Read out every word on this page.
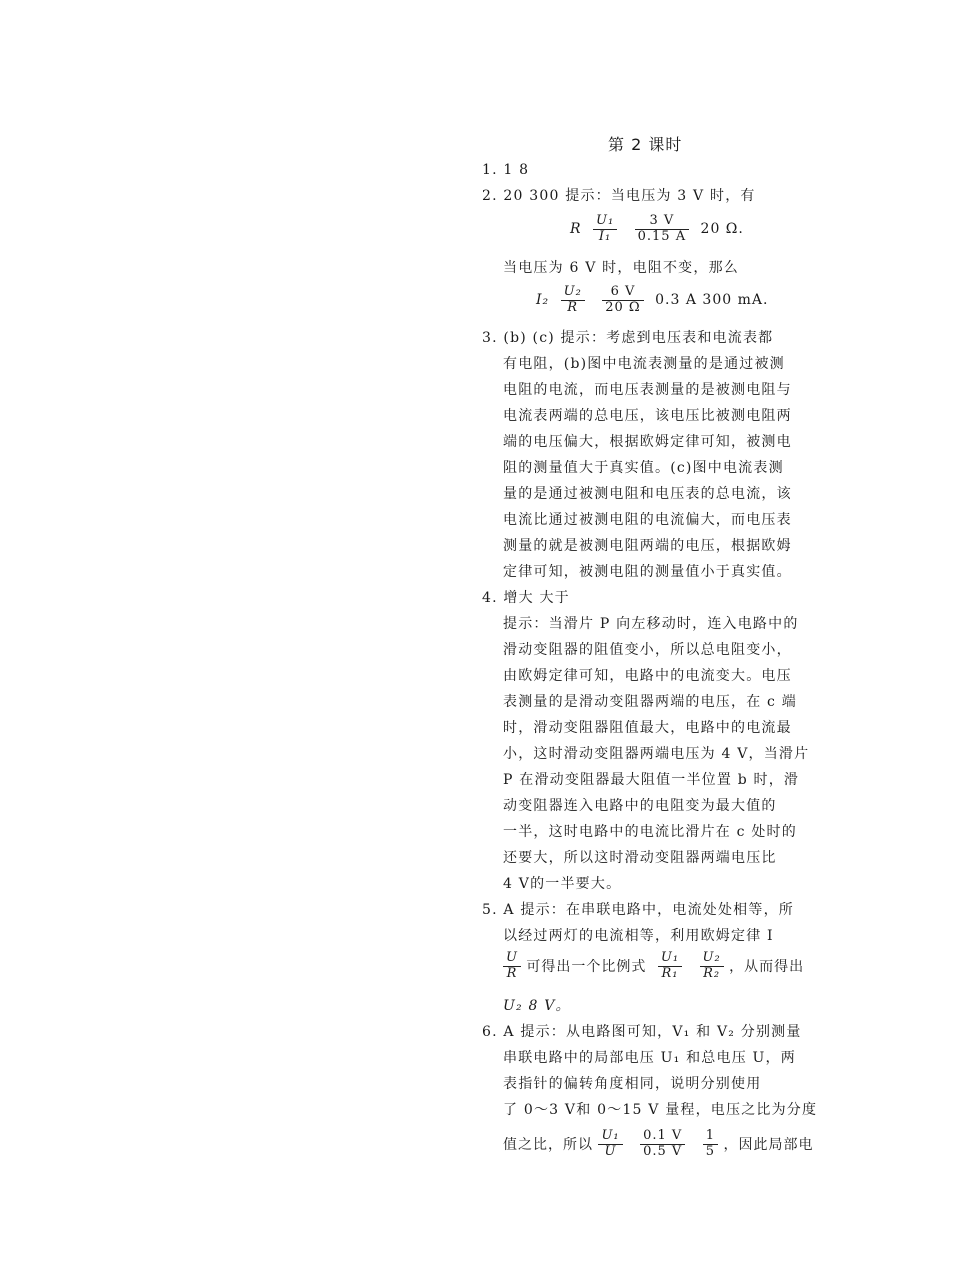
第 2 课时
1. 1 8
2. 20 300 提示：当电压为 3 V 时，有
R $\frac{\text{U₁}}{\text{I₁}}$
$\frac{3 V}{0.15 A} 20$ Ω.
当电压为 6 V 时，电阻不变，那么
$I_2 \frac{\text{U₂}}{R}$
$\frac{6 V}{20 \Omega} 0.3$ A 300 mA.
3. (b) (c) 提示：考虑到电压表和电流表都
有电阻，(b)图中电流表测量的是通过被测
电阻的电流，而电压表测量的是被测电阻与
电流表两端的总电压，该电压比被测电阻两
端的电压偏大，根据欧姆定律可知，被测电
阻的测量值大于真实值。(c)图中电流表测
量的是通过被测电阻和电压表的总电流，该
电流比通过被测电阻的电流偏大，而电压表
测量的就是被测电阻两端的电压，根据欧姆
定律可知，被测电阻的测量值小于真实值。
4. 增大 大于
提示：当滑片 P 向左移动时，连入电路中的
滑动变阻器的阻值变小，所以总电阻变小，
由欧姆定律可知，电路中的电流变大。电压
表测量的是滑动变阻器两端的电压，在 c 端
时，滑动变阻器阻值最大，电路中的电流最
小，这时滑动变阻器两端电压为 4 V，当滑片
P 在滑动变阻器最大阻值一半位置 b 时，滑
动变阻器连入电路中的电阻变为最大值的
一半，这时电路中的电流比滑片在 c 处时的
还要大，所以这时滑动变阻器两端电压比
4 V的一半要大。
5. A 提示：在串联电路中，电流处处相等，所
以经过两灯的电流相等，利用欧姆定律 I
$\frac{U}{R}$ 可得出一个比例式 $\frac{\text{U₁}}{\text{R₁}}$
$\frac{\text{U₂}}{\text{R₂}}$ ，从而得出
U₂ 8 V。
6. A 提示：从电路图可知，V₁ 和 V₂ 分别测量
串联电路中的局部电压 U₁ 和总电压 U，两
表指针的偏转角度相同，说明分别使用
了 0～3 V和 0～15 V 量程，电压之比为分度
值之比，所以 $\frac{\text{U₁}}{U}$
$\frac{0.1 V}{0.5 V}$
$\frac{1}{5}$ ，因此局部电
